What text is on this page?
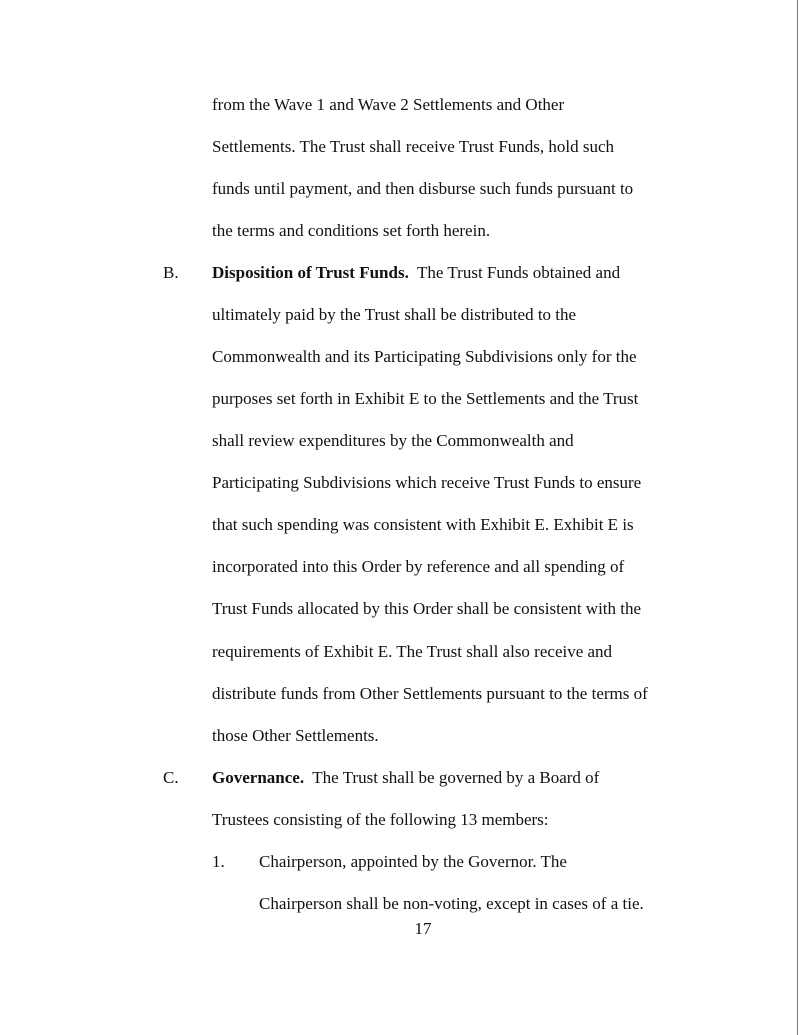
from the Wave 1 and Wave 2 Settlements and Other
Settlements. The Trust shall receive Trust Funds, hold such
funds until payment, and then disburse such funds pursuant to
the terms and conditions set forth herein.
B. Disposition of Trust Funds.  The Trust Funds obtained and
ultimately paid by the Trust shall be distributed to the
Commonwealth and its Participating Subdivisions only for the
purposes set forth in Exhibit E to the Settlements and the Trust
shall review expenditures by the Commonwealth and
Participating Subdivisions which receive Trust Funds to ensure
that such spending was consistent with Exhibit E. Exhibit E is
incorporated into this Order by reference and all spending of
Trust Funds allocated by this Order shall be consistent with the
requirements of Exhibit E. The Trust shall also receive and
distribute funds from Other Settlements pursuant to the terms of
those Other Settlements.
C. Governance.  The Trust shall be governed by a Board of
Trustees consisting of the following 13 members:
1. Chairperson, appointed by the Governor. The
Chairperson shall be non-voting, except in cases of a tie.
17
